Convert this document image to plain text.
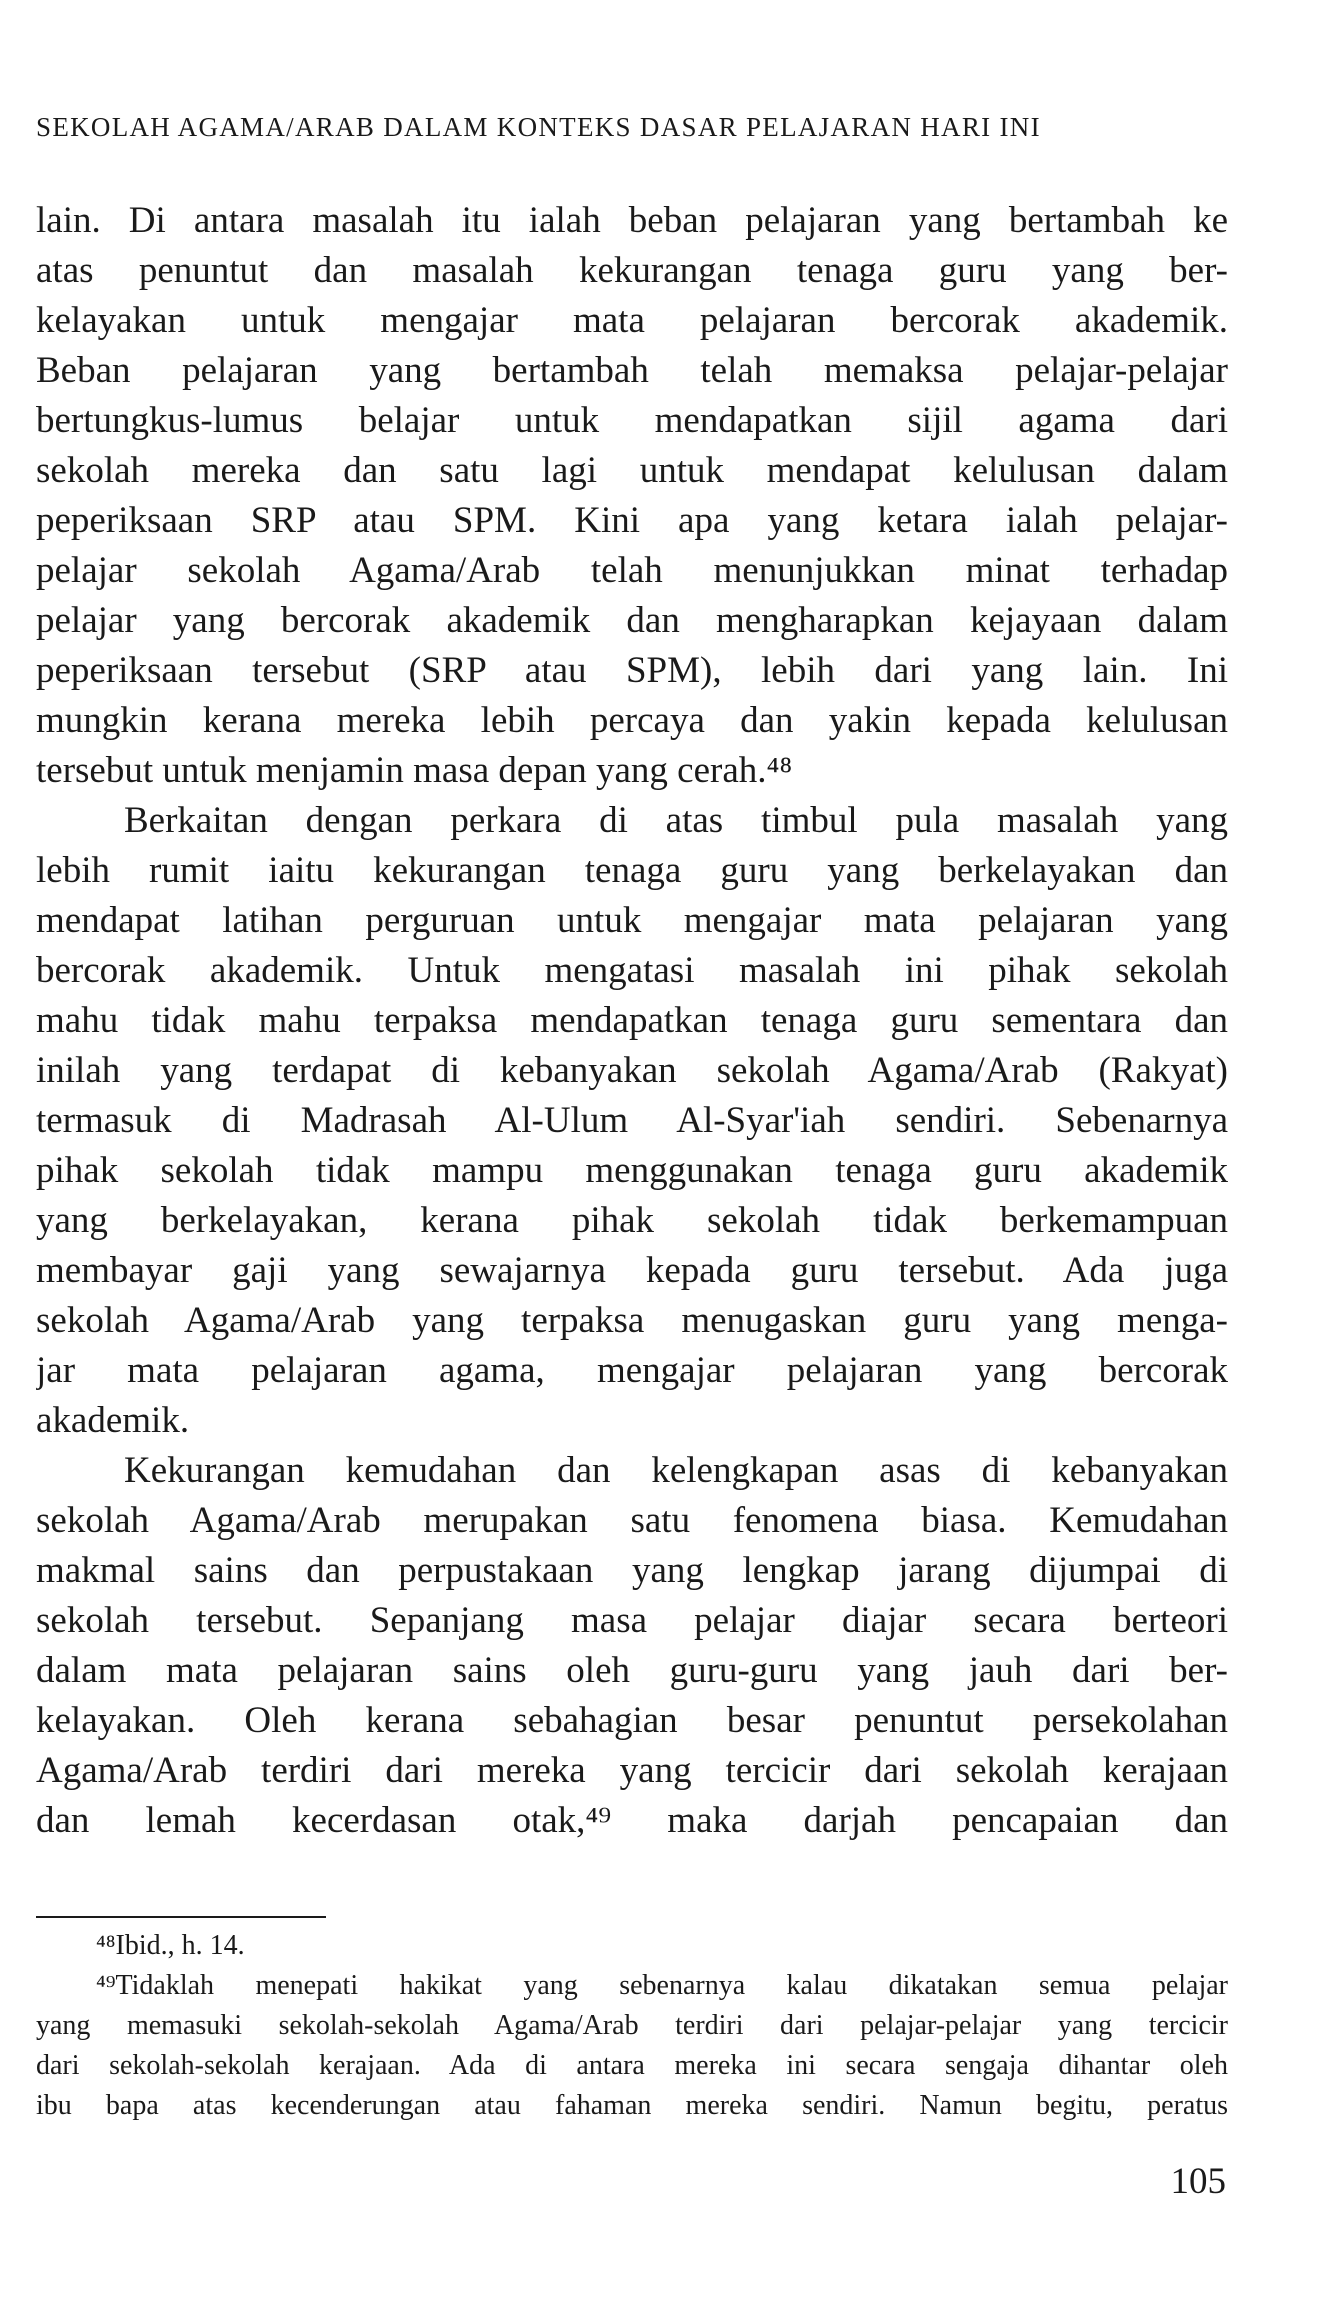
SEKOLAH AGAMA/ARAB DALAM KONTEKS DASAR PELAJARAN HARI INI
lain. Di antara masalah itu ialah beban pelajaran yang bertambah ke
atas penuntut dan masalah kekurangan tenaga guru yang ber-
kelayakan untuk mengajar mata pelajaran bercorak akademik.
Beban pelajaran yang bertambah telah memaksa pelajar-pelajar
bertungkus-lumus belajar untuk mendapatkan sijil agama dari
sekolah mereka dan satu lagi untuk mendapat kelulusan dalam
peperiksaan SRP atau SPM. Kini apa yang ketara ialah pelajar-
pelajar sekolah Agama/Arab telah menunjukkan minat terhadap
pelajar yang bercorak akademik dan mengharapkan kejayaan dalam
peperiksaan tersebut (SRP atau SPM), lebih dari yang lain. Ini
mungkin kerana mereka lebih percaya dan yakin kepada kelulusan
tersebut untuk menjamin masa depan yang cerah.⁴⁸
Berkaitan dengan perkara di atas timbul pula masalah yang
lebih rumit iaitu kekurangan tenaga guru yang berkelayakan dan
mendapat latihan perguruan untuk mengajar mata pelajaran yang
bercorak akademik. Untuk mengatasi masalah ini pihak sekolah
mahu tidak mahu terpaksa mendapatkan tenaga guru sementara dan
inilah yang terdapat di kebanyakan sekolah Agama/Arab (Rakyat)
termasuk di Madrasah Al-Ulum Al-Syar'iah sendiri. Sebenarnya
pihak sekolah tidak mampu menggunakan tenaga guru akademik
yang berkelayakan, kerana pihak sekolah tidak berkemampuan
membayar gaji yang sewajarnya kepada guru tersebut. Ada juga
sekolah Agama/Arab yang terpaksa menugaskan guru yang menga-
jar mata pelajaran agama, mengajar pelajaran yang bercorak
akademik.
Kekurangan kemudahan dan kelengkapan asas di kebanyakan
sekolah Agama/Arab merupakan satu fenomena biasa. Kemudahan
makmal sains dan perpustakaan yang lengkap jarang dijumpai di
sekolah tersebut. Sepanjang masa pelajar diajar secara berteori
dalam mata pelajaran sains oleh guru-guru yang jauh dari ber-
kelayakan. Oleh kerana sebahagian besar penuntut persekolahan
Agama/Arab terdiri dari mereka yang tercicir dari sekolah kerajaan
dan lemah kecerdasan otak,⁴⁹ maka darjah pencapaian dan
⁴⁸Ibid., h. 14.
⁴⁹Tidaklah menepati hakikat yang sebenarnya kalau dikatakan semua pelajar
yang memasuki sekolah-sekolah Agama/Arab terdiri dari pelajar-pelajar yang tercicir
dari sekolah-sekolah kerajaan. Ada di antara mereka ini secara sengaja dihantar oleh
ibu bapa atas kecenderungan atau fahaman mereka sendiri. Namun begitu, peratus
105
